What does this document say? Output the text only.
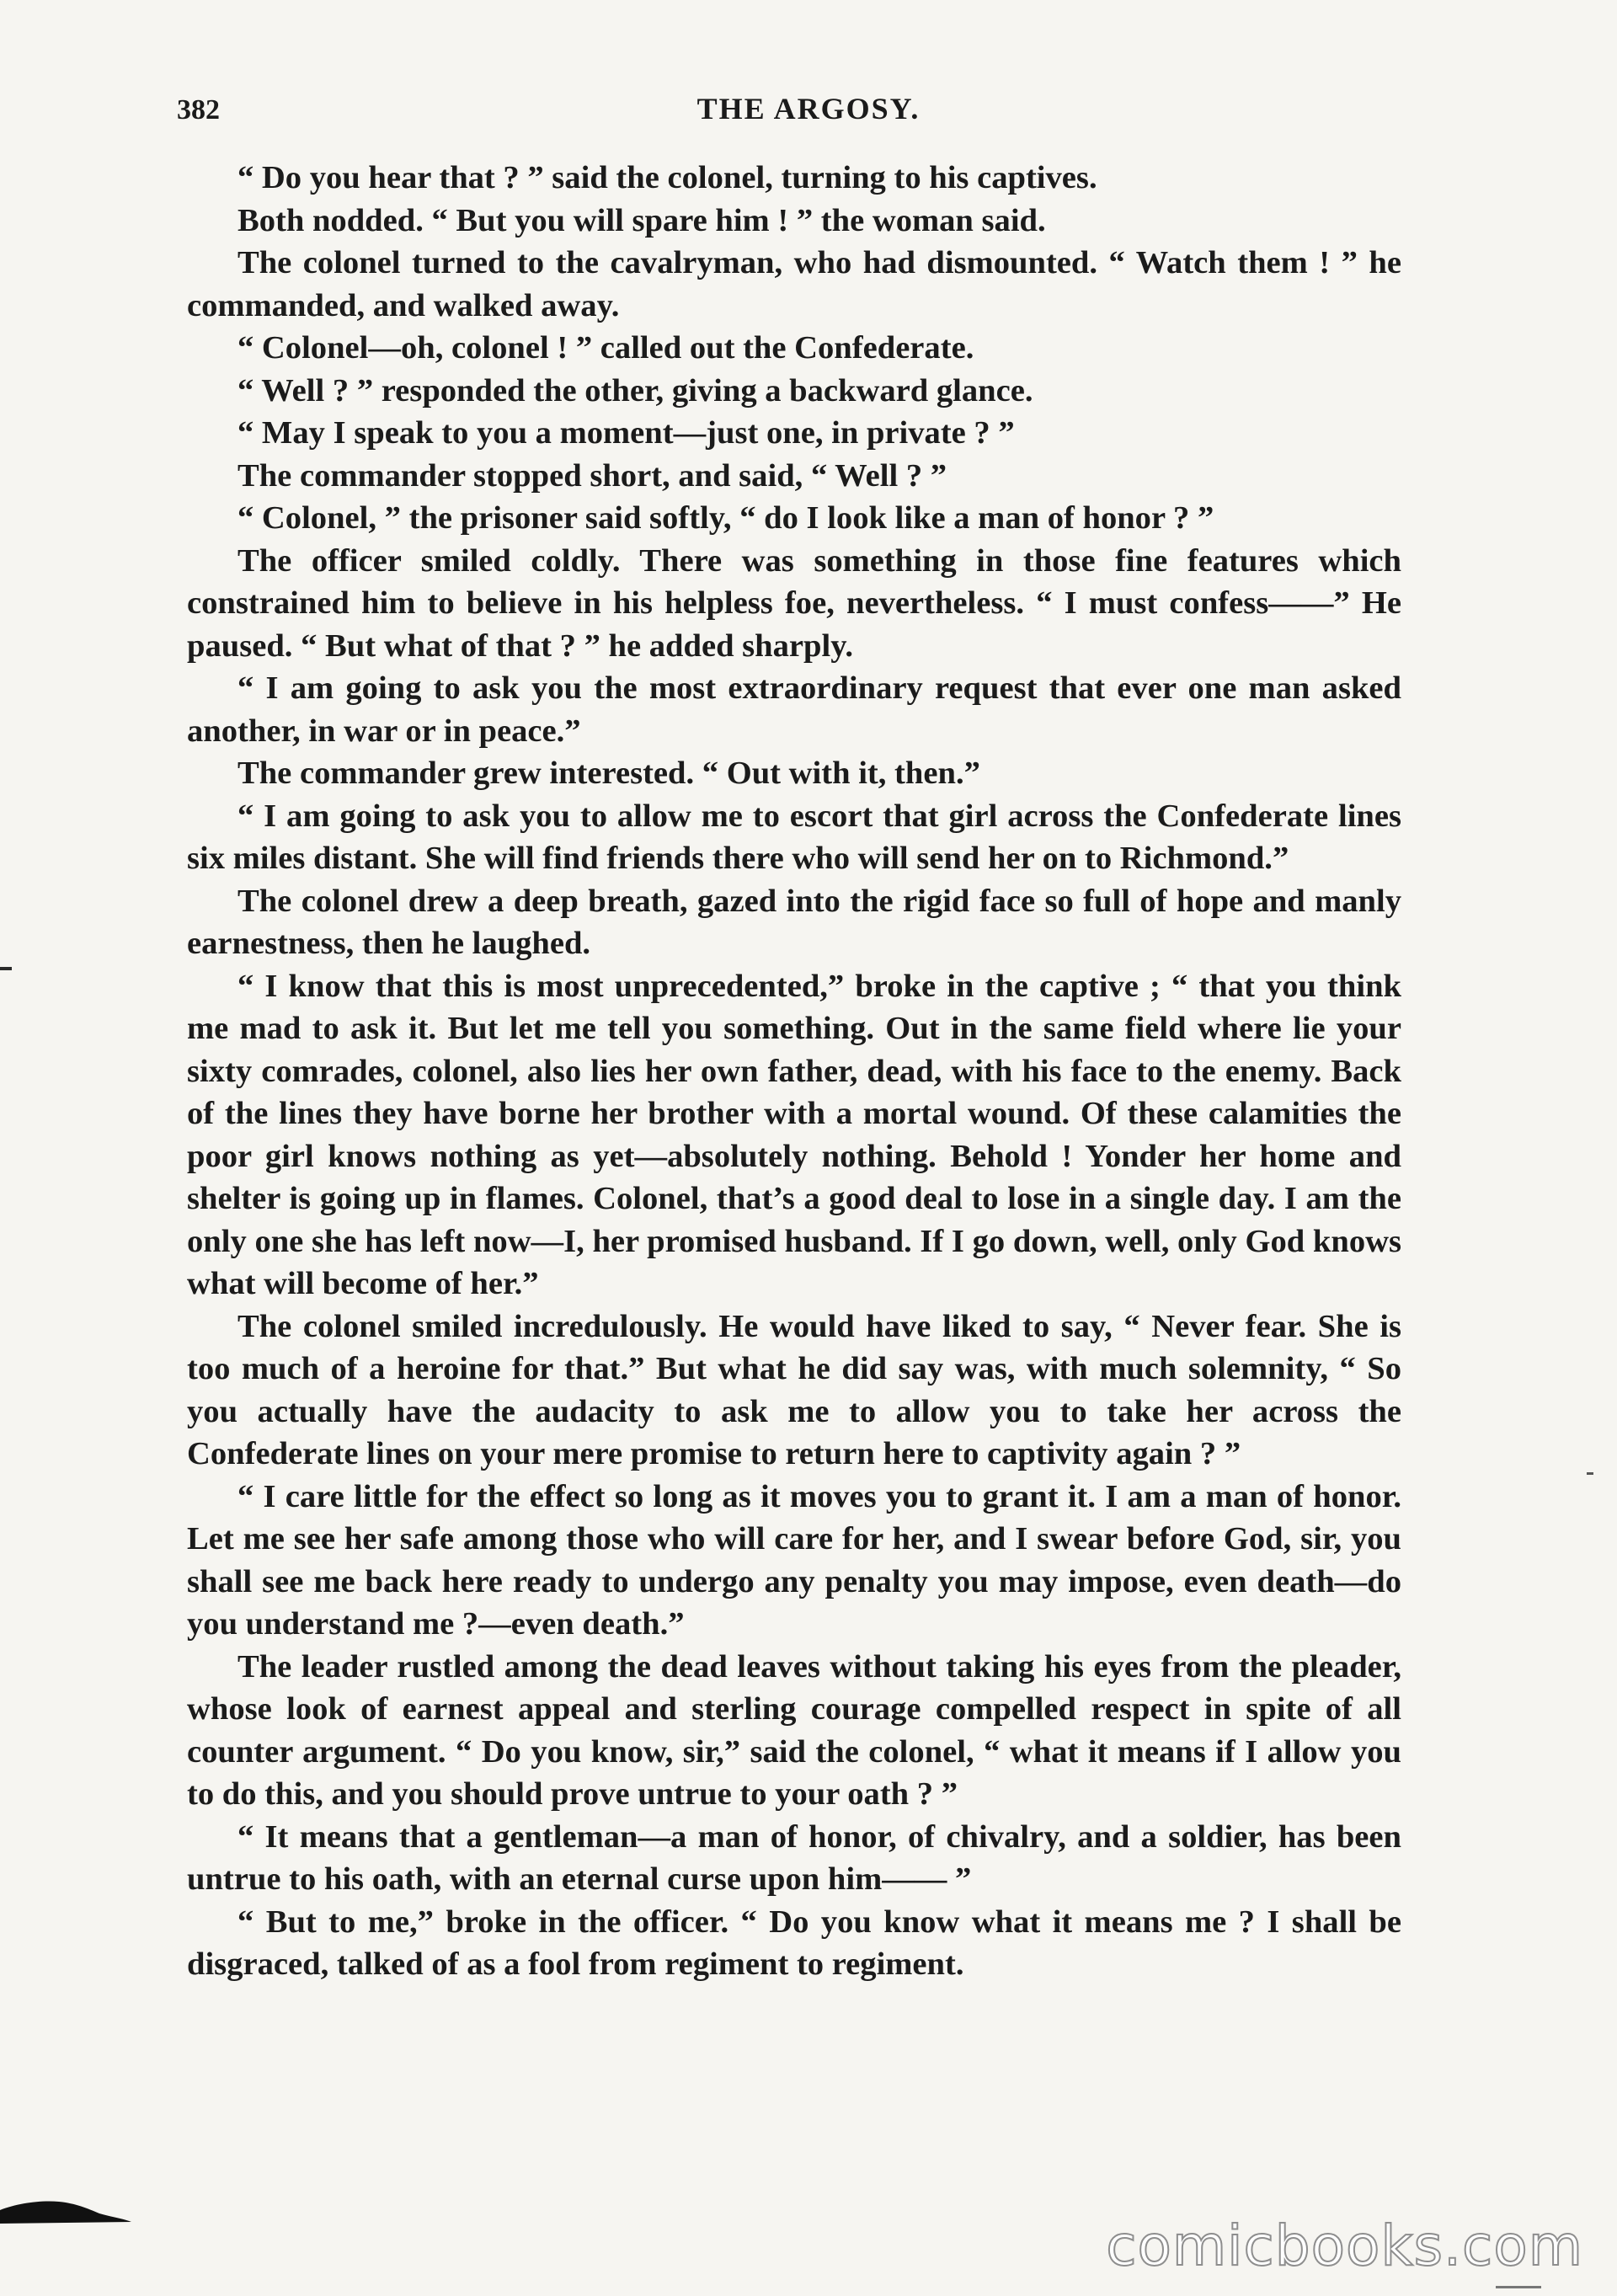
382	THE ARGOSY.

“ Do you hear that ? ” said the colonel, turning to his captives.

Both nodded. “ But you will spare him ! ” the woman said.

The colonel turned to the cavalryman, who had dismounted. “ Watch them ! ” he commanded, and walked away.

“ Colonel—oh, colonel ! ” called out the Confederate.

“ Well ? ” responded the other, giving a backward glance.

“ May I speak to you a moment—just one, in private ? ”

The commander stopped short, and said, “ Well ? ”

“ Colonel, ” the prisoner said softly, “ do I look like a man of honor ? ”

The officer smiled coldly. There was something in those fine features which constrained him to believe in his helpless foe, nevertheless. “ I must confess——” He paused. “ But what of that ? ” he added sharply.

“ I am going to ask you the most extraordinary request that ever one man asked another, in war or in peace.”

The commander grew interested. “ Out with it, then.”

“ I am going to ask you to allow me to escort that girl across the Confederate lines six miles distant. She will find friends there who will send her on to Richmond.”

The colonel drew a deep breath, gazed into the rigid face so full of hope and manly earnestness, then he laughed.

“ I know that this is most unprecedented,” broke in the captive ; “ that you think me mad to ask it. But let me tell you something. Out in the same field where lie your sixty comrades, colonel, also lies her own father, dead, with his face to the enemy. Back of the lines they have borne her brother with a mortal wound. Of these calamities the poor girl knows nothing as yet—absolutely nothing. Behold ! Yonder her home and shelter is going up in flames. Colonel, that’s a good deal to lose in a single day. I am the only one she has left now—I, her promised husband. If I go down, well, only God knows what will become of her.”

The colonel smiled incredulously. He would have liked to say, “ Never fear. She is too much of a heroine for that.” But what he did say was, with much solemnity, “ So you actually have the audacity to ask me to allow you to take her across the Confederate lines on your mere promise to return here to captivity again ? ”

“ I care little for the effect so long as it moves you to grant it. I am a man of honor. Let me see her safe among those who will care for her, and I swear before God, sir, you shall see me back here ready to undergo any penalty you may impose, even death—do you understand me ?—even death.”

The leader rustled among the dead leaves without taking his eyes from the pleader, whose look of earnest appeal and sterling courage compelled respect in spite of all counter argument. “ Do you know, sir,” said the colonel, “ what it means if I allow you to do this, and you should prove untrue to your oath ? ”

“ It means that a gentleman—a man of honor, of chivalry, and a soldier, has been untrue to his oath, with an eternal curse upon him—— ”

“ But to me,” broke in the officer. “ Do you know what it means me ? I shall be disgraced, talked of as a fool from regiment to regiment.

comicbooks.com
